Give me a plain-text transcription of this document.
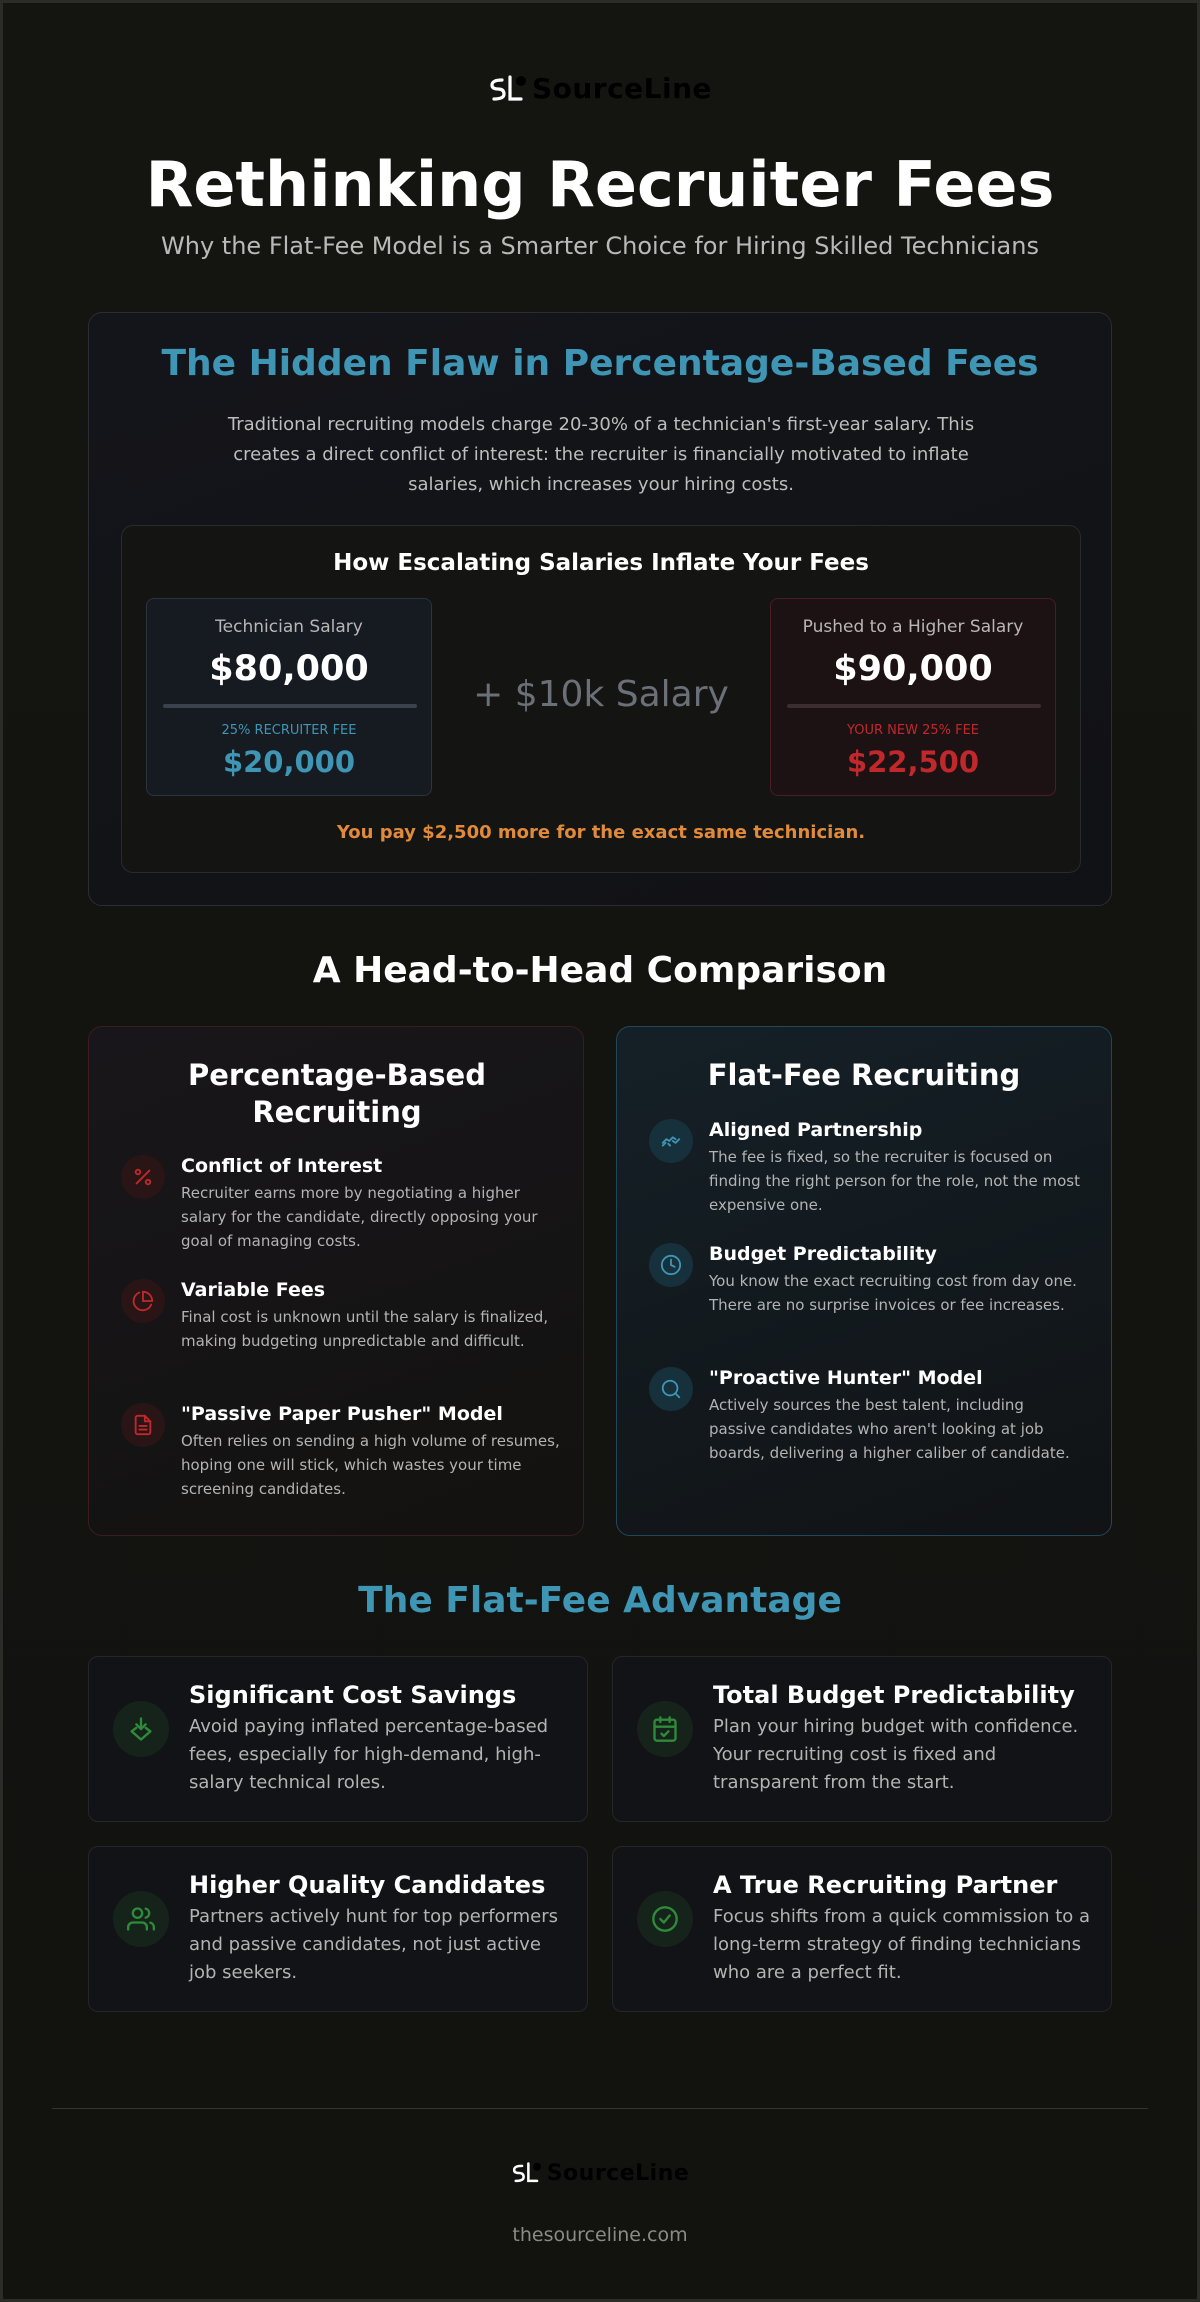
SourceLine
Rethinking Recruiter Fees
Why the Flat-Fee Model is a Smarter Choice for Hiring Skilled Technicians
The Hidden Flaw in Percentage-Based Fees
Traditional recruiting models charge 20-30% of a technician's first-year salary. This creates a direct conflict of interest: the recruiter is financially motivated to inflate salaries, which increases your hiring costs.
How Escalating Salaries Inflate Your Fees
Technician Salary
$80,000
25% RECRUITER FEE
$20,000
+ $10k Salary
Pushed to a Higher Salary
$90,000
YOUR NEW 25% FEE
$22,500
You pay $2,500 more for the exact same technician.
A Head-to-Head Comparison
Percentage-Based Recruiting
Conflict of Interest
Recruiter earns more by negotiating a higher salary for the candidate, directly opposing your goal of managing costs.
Variable Fees
Final cost is unknown until the salary is finalized, making budgeting unpredictable and difficult.
"Passive Paper Pusher" Model
Often relies on sending a high volume of resumes, hoping one will stick, which wastes your time screening candidates.
Flat-Fee Recruiting
Aligned Partnership
The fee is fixed, so the recruiter is focused on finding the right person for the role, not the most expensive one.
Budget Predictability
You know the exact recruiting cost from day one. There are no surprise invoices or fee increases.
"Proactive Hunter" Model
Actively sources the best talent, including passive candidates who aren't looking at job boards, delivering a higher caliber of candidate.
The Flat-Fee Advantage
Significant Cost Savings
Avoid paying inflated percentage-based fees, especially for high-demand, high-salary technical roles.
Total Budget Predictability
Plan your hiring budget with confidence. Your recruiting cost is fixed and transparent from the start.
Higher Quality Candidates
Partners actively hunt for top performers and passive candidates, not just active job seekers.
A True Recruiting Partner
Focus shifts from a quick commission to a long-term strategy of finding technicians who are a perfect fit.
SourceLine
thesourceline.com
